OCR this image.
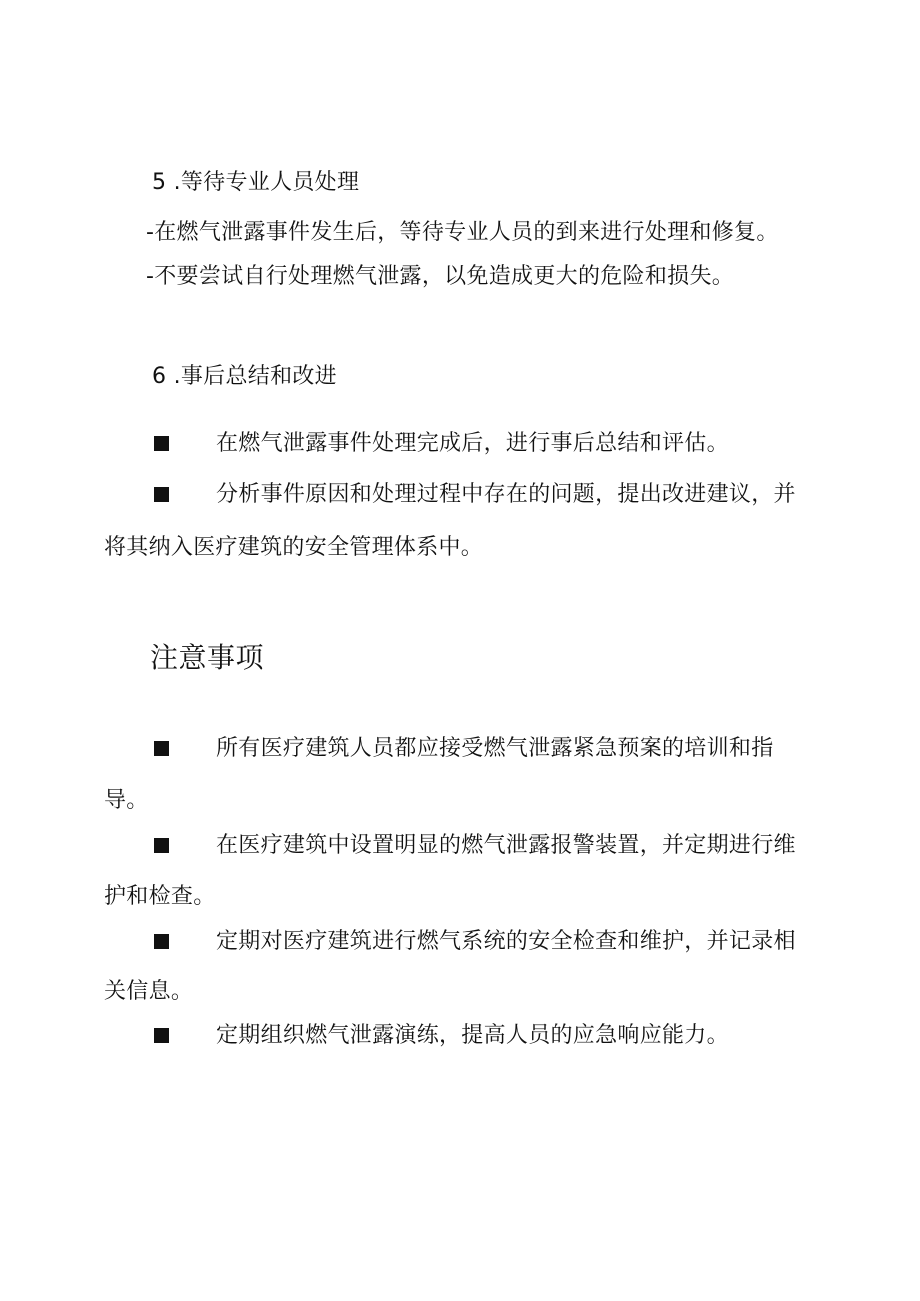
5 .等待专业人员处理
-在燃气泄露事件发生后，等待专业人员的到来进行处理和修复。
-不要尝试自行处理燃气泄露，以免造成更大的危险和损失。
6 .事后总结和改进
在燃气泄露事件处理完成后，进行事后总结和评估。
分析事件原因和处理过程中存在的问题，提出改进建议，并
将其纳入医疗建筑的安全管理体系中。
注意事项
所有医疗建筑人员都应接受燃气泄露紧急预案的培训和指
导。
在医疗建筑中设置明显的燃气泄露报警装置，并定期进行维
护和检查。
定期对医疗建筑进行燃气系统的安全检查和维护，并记录相
关信息。
定期组织燃气泄露演练，提高人员的应急响应能力。
